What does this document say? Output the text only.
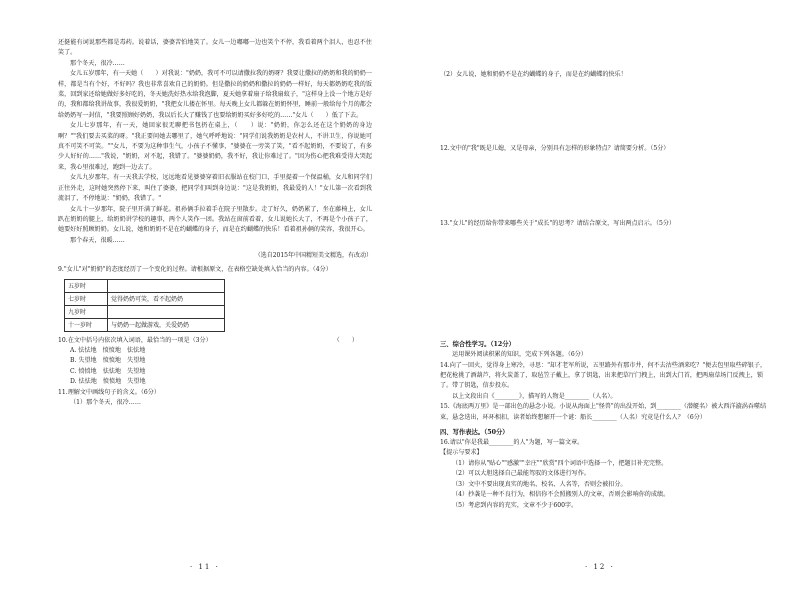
还挺能有词说那些都是毒药。说着话，婆婆苦怕地笑了。女儿一边嘟嘟一边也笑个不停，我看着两个泪人，也忍不住笑了。

那个冬天，很冷……

女儿五岁那年，有一天她（　　）对我说："奶奶，我可不可以请撒拉我的奶呀？我要让撒拉的奶奶和我的奶奶一样，都是当有个好，不好吗？我也非常喜欢自己的奶奶。但是撒拉的奶奶和撒拉的奶奶一样好，每天都奶奶吃我的饭菜，回到家还给她做好多好吃的，冬天她洗好热水给我泡脚，夏天她拿着扇子给我扇蚊子，"这样身上没一个地方是好的，我和都给我讲故事，我很爱奶奶，"我把女儿搂在怀里。每天晚上女儿都躲在奶奶怀里，睡前一般给每个月的都会给奶奶写一封信，"我要照顾好奶奶，我以后长大了赚钱了也要给奶奶买好多好吃的……"女儿（　　）低了下去。

女儿七岁那年，有一天，她回家很无聊把书包扔在桌上，（　　）说："奶奶，你怎么还在这个奶奶的身边啊？""我们要去买菜的呀。"我正要问她去哪里了，她气呼呼地说："同学们说我奶奶是农村人，不讲卫生，你说她可真不可笑不可笑。""女儿，不要为这种事生气，小孩子不懂事，"婆婆在一旁笑了笑，"看不起奶奶，不要说了，有多少人好好的……"我说，"奶奶，对不起，我错了。"婆婆奶奶，我不好，我让你难过了。"因为伤心把我难受得大哭起来，我心里很难过，跑到一边去了。

女儿九岁那年，有一天我去学校，远远地看见婆婆穿着旧衣服站在校门口，手里提着一个保温桶，女儿和同学们正往外走，这时她突然停下来，叫住了婆婆，把同学们叫到身边说："这是我奶奶，我最爱的人！"女儿第一次看到我流泪了，不停地说："奶奶，我错了。"

女儿十一岁那年，院子里开满了鲜花。祖孙俩手拉着手在院子里散步。走了好久，奶奶累了，坐在藤椅上，女儿趴在奶奶的腿上，给奶奶讲学校的趣事，两个人笑作一团。我站在窗前看着，女儿说她长大了，不再是个小孩子了，她要好好照顾奶奶。女儿说，她和奶奶不是在约蝴蝶的身子，而是在约蝴蝶的快乐！看着祖孙俩的笑容，我很开心。

那个春天，很暖……

（选自2015年中国精短美文精选，有改动）

9."女儿"对"奶奶"的态度经历了一个变化的过程。请根据原文，在表格空缺处填入恰当的内容。（4分）

五岁时	
七岁时	觉得奶奶可笑，看不起奶奶
九岁时	
十一岁时	与奶奶一起做游戏，关爱奶奶

10.在文中括号内依次填入词语，最恰当的一项是（3分）	（　　）

A. 怯怯地　愤愤地　怯怯地
B. 失望地　愤愤地　失望地
C. 愤愤地　怯怯地　失望地
D. 怯怯地　愤愤地　失望地

11.理解文中画线句子的含义。（6分）

（1）那个冬天，很冷……
· 11 ·

（2）女儿说，她和奶奶不是在约蝴蝶的身子，而是在约蝴蝶的快乐！

12.文中的"我"既是儿媳，又是母亲，分别具有怎样的形象特点？请简要分析。（5分）

13."女儿"的经历给你带来哪些关于"成长"的思考？请结合原文，写出两点启示。（5分）

三、综合性学习。（12分）

运用课外阅读积累的知识，完成下列各题。（6分）

14.向了一回火，觉得身上寒冷，寻思："却才老军所说，五里路外有那市井，何不去沽些酒来吃？"便去包里取些碎银子，把花枪挑了酒葫芦，将火炭盖了，取毡笠子戴上，拿了钥匙，出来把草厅门拽上，出到大门首，把两扇草场门反拽上，锁了。带了钥匙，信步投东。

以上文段出自《________》，描写的人物是________（人名）。

15.《海底两万里》是一部出色的悬念小说。小说从海面上"怪兽"的出没开始，到________（潜艇名）被大西洋漩涡吞噬结束，悬念迭出，环环相扣，读者始终想解开一个谜：船长________（人名）究竟是什么人？（6分）

四、写作表达。（50分）

16.请以"你是我最________的人"为题，写一篇文章。

【提示与要求】

（1）请你从"贴心""感激""幸庄""欣赏"四个词语中选择一个，把题目补充完整。
（2）可以大胆选择自己最能驾驭的文体进行写作。
（3）文中不要出现真实的地名、校名、人名等，否则会被扣分。
（4）抄袭是一种不良行为，相信你不会照搬别人的文章，否则会影响你的成绩。
（5）考虑到内容的充实，文章不少于600字。
· 12 ·
